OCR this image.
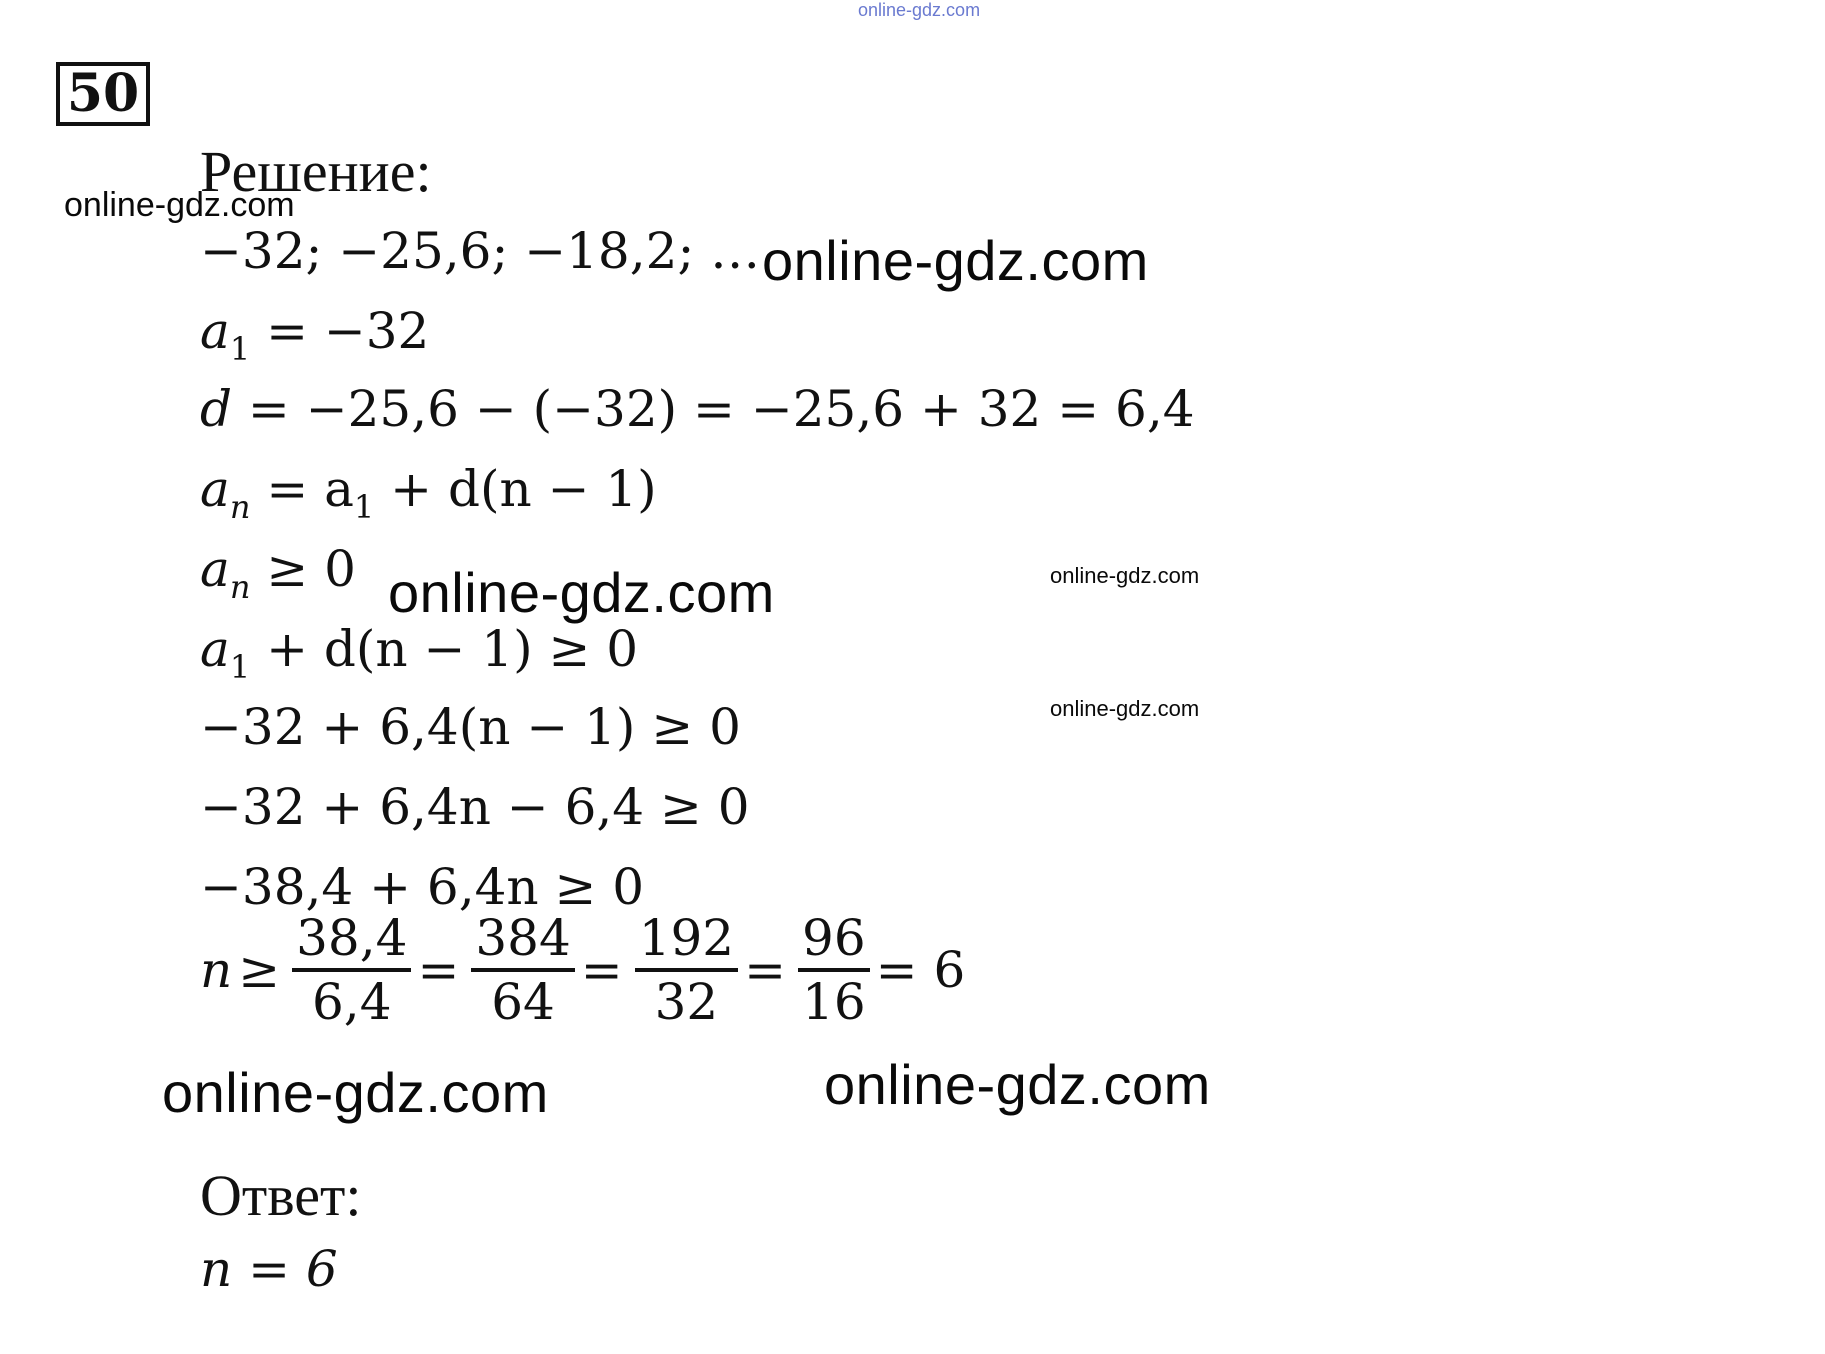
online-gdz.com
50
Решение:
online-gdz.com
−32; −25,6; −18,2; … online-gdz.com
$a_1 = -32$
d = −25,6 − (−32) = −25,6 + 32 = 6,4
$a_n = a_1 + d(n - 1)$
$a_n \ge 0$ online-gdz.com	online-gdz.com
$a_1 + d(n - 1) \ge 0$
−32 + 6,4(n − 1) ≥ 0	online-gdz.com
−32 + 6,4n − 6,4 ≥ 0
−38,4 + 6,4n ≥ 0
$n \ge \frac{38,4}{6,4} = \frac{384}{64} = \frac{192}{32} = \frac{96}{16} = 6$
online-gdz.com	online-gdz.com
Ответ:
n = 6
